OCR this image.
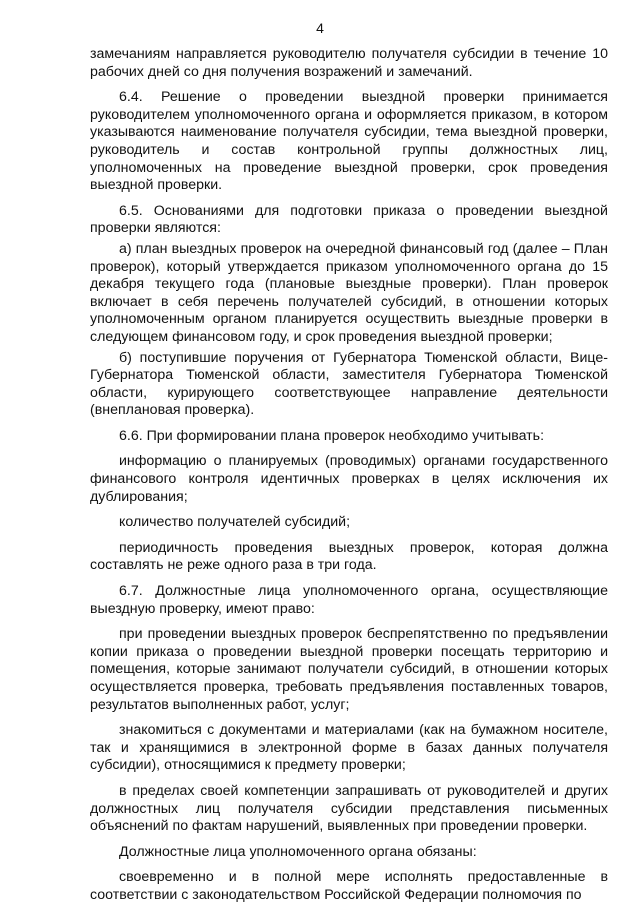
4

замечаниям направляется руководителю получателя субсидии в течение 10 рабочих дней со дня получения возражений и замечаний.

6.4. Решение о проведении выездной проверки принимается руководителем уполномоченного органа и оформляется приказом, в котором указываются наименование получателя субсидии, тема выездной проверки, руководитель и состав контрольной группы должностных лиц, уполномоченных на проведение выездной проверки, срок проведения выездной проверки.

6.5. Основаниями для подготовки приказа о проведении выездной проверки являются:

а) план выездных проверок на очередной финансовый год (далее – План проверок), который утверждается приказом уполномоченного органа до 15 декабря текущего года (плановые выездные проверки). План проверок включает в себя перечень получателей субсидий, в отношении которых уполномоченным органом планируется осуществить выездные проверки в следующем финансовом году, и срок проведения выездной проверки;

б) поступившие поручения от Губернатора Тюменской области, Вице-Губернатора Тюменской области, заместителя Губернатора Тюменской области, курирующего соответствующее направление деятельности (внеплановая проверка).

6.6. При формировании плана проверок необходимо учитывать:

информацию о планируемых (проводимых) органами государственного финансового контроля идентичных проверках в целях исключения их дублирования;

количество получателей субсидий;

периодичность проведения выездных проверок, которая должна составлять не реже одного раза в три года.

6.7. Должностные лица уполномоченного органа, осуществляющие выездную проверку, имеют право:

при проведении выездных проверок беспрепятственно по предъявлении копии приказа о проведении выездной проверки посещать территорию и помещения, которые занимают получатели субсидий, в отношении которых осуществляется проверка, требовать предъявления поставленных товаров, результатов выполненных работ, услуг;

знакомиться с документами и материалами (как на бумажном носителе, так и хранящимися в электронной форме в базах данных получателя субсидии), относящимися к предмету проверки;

в пределах своей компетенции запрашивать от руководителей и других должностных лиц получателя субсидии представления письменных объяснений по фактам нарушений, выявленных при проведении проверки.

Должностные лица уполномоченного органа обязаны:

своевременно и в полной мере исполнять предоставленные в соответствии с законодательством Российской Федерации полномочия по
